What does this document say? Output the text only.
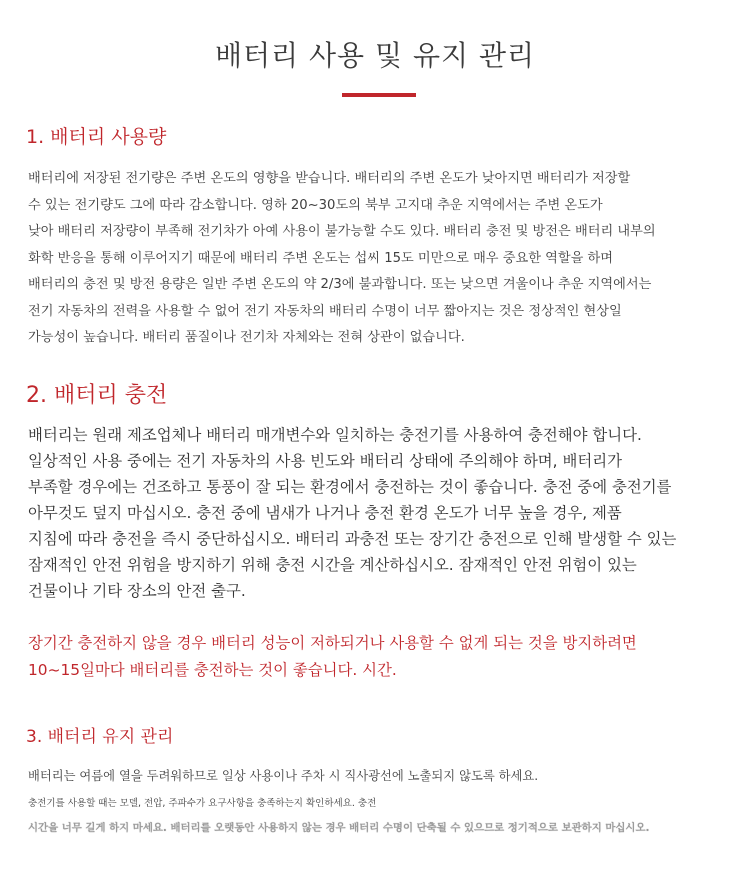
배터리 사용 및 유지 관리
1. 배터리 사용량
배터리에 저장된 전기량은 주변 온도의 영향을 받습니다. 배터리의 주변 온도가 낮아지면 배터리가 저장할
수 있는 전기량도 그에 따라 감소합니다. 영하 20~30도의 북부 고지대 추운 지역에서는 주변 온도가
낮아 배터리 저장량이 부족해 전기차가 아예 사용이 불가능할 수도 있다. 배터리 충전 및 방전은 배터리 내부의
화학 반응을 통해 이루어지기 때문에 배터리 주변 온도는 섭씨 15도 미만으로 매우 중요한 역할을 하며
배터리의 충전 및 방전 용량은 일반 주변 온도의 약 2/3에 불과합니다. 또는 낮으면 겨울이나 추운 지역에서는
전기 자동차의 전력을 사용할 수 없어 전기 자동차의 배터리 수명이 너무 짧아지는 것은 정상적인 현상일
가능성이 높습니다. 배터리 품질이나 전기차 자체와는 전혀 상관이 없습니다.
2. 배터리 충전
배터리는 원래 제조업체나 배터리 매개변수와 일치하는 충전기를 사용하여 충전해야 합니다.
일상적인 사용 중에는 전기 자동차의 사용 빈도와 배터리 상태에 주의해야 하며, 배터리가
부족할 경우에는 건조하고 통풍이 잘 되는 환경에서 충전하는 것이 좋습니다. 충전 중에 충전기를
아무것도 덮지 마십시오. 충전 중에 냄새가 나거나 충전 환경 온도가 너무 높을 경우, 제품
지침에 따라 충전을 즉시 중단하십시오. 배터리 과충전 또는 장기간 충전으로 인해 발생할 수 있는
잠재적인 안전 위험을 방지하기 위해 충전 시간을 계산하십시오. 잠재적인 안전 위험이 있는
건물이나 기타 장소의 안전 출구.
장기간 충전하지 않을 경우 배터리 성능이 저하되거나 사용할 수 없게 되는 것을 방지하려면
10~15일마다 배터리를 충전하는 것이 좋습니다. 시간.
3. 배터리 유지 관리
배터리는 여름에 열을 두려워하므로 일상 사용이나 주차 시 직사광선에 노출되지 않도록 하세요.
충전기를 사용할 때는 모델, 전압, 주파수가 요구사항을 충족하는지 확인하세요. 충전
시간을 너무 길게 하지 마세요. 배터리를 오랫동안 사용하지 않는 경우 배터리 수명이 단축될 수 있으므로 정기적으로 보관하지 마십시오.
